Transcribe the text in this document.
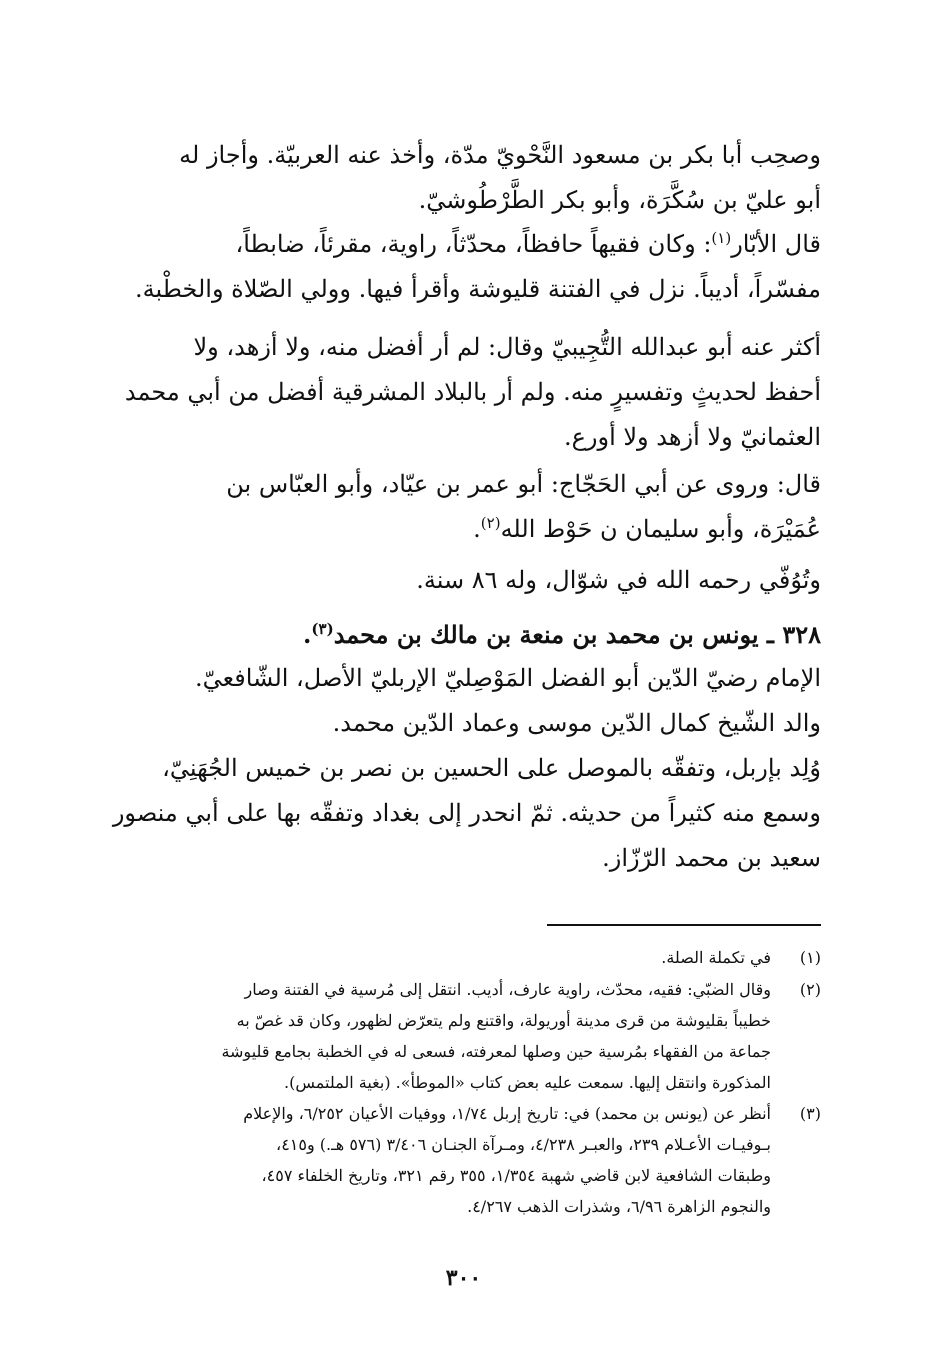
وصحِب أبا بكر بن مسعود النَّحْويّ مدّة، وأخذ عنه العربيّة. وأجاز له
أبو عليّ بن سُكَّرَة، وأبو بكر الطَّرْطُوشيّ.
قال الأبّار$^{(١)}$: وكان فقيهاً حافظاً، محدّثاً، راوية، مقرئاً، ضابطاً،
مفسّراً، أديباً. نزل في الفتنة قليوشة وأقرأ فيها. وولي الصّلاة والخطْبة.
أكثر عنه أبو عبدالله التُّجِيبيّ وقال: لم أر أفضل منه، ولا أزهد، ولا
أحفظ لحديثٍ وتفسيرٍ منه. ولم أر بالبلاد المشرقية أفضل من أبي محمد
العثمانيّ ولا أزهد ولا أورع.
قال: وروى عن أبي الحَجّاج: أبو عمر بن عيّاد، وأبو العبّاس بن
عُمَيْرَة، وأبو سليمان ن حَوْط الله$^{(٢)}$.
وتُوُفّي رحمه الله في شوّال، وله ٨٦ سنة.
٣٢٨ ـ يونس بن محمد بن منعة بن مالك بن محمد$^{(٣)}$.
الإمام رضيّ الدّين أبو الفضل المَوْصِليّ الإربليّ الأصل، الشّافعيّ.
والد الشّيخ كمال الدّين موسى وعماد الدّين محمد.
وُلِد بإربل، وتفقّه بالموصل على الحسين بن نصر بن خميس الجُهَنِيّ،
وسمع منه كثيراً من حديثه. ثمّ انحدر إلى بغداد وتفقّه بها على أبي منصور
سعيد بن محمد الرّزّاز.
(١)
في تكملة الصلة.
(٢)
وقال الضبّي: فقيه، محدّث، راوية عارف، أديب. انتقل إلى مُرسية في الفتنة وصار
خطيباً بقليوشة من قرى مدينة أوريولة، واقتنع ولم يتعرّض لظهور، وكان قد غصّ به
جماعة من الفقهاء بمُرسية حين وصلها لمعرفته، فسعى له في الخطبة بجامع قليوشة
المذكورة وانتقل إليها. سمعت عليه بعض كتاب «الموطأ». (بغية الملتمس).
(٣)
أنظر عن (يونس بن محمد) في: تاريخ إربل ١/٧٤، ووفيات الأعيان ٦/٢٥٢، والإعلام
بـوفيـات الأعـلام ٢٣٩، والعبـر ٤/٢٣٨، ومـرآة الجنـان ٣/٤٠٦ (٥٧٦ هـ.) و٤١٥،
وطبقات الشافعية لابن قاضي شهبة ١/٣٥٤، ٣٥٥ رقم ٣٢١، وتاريخ الخلفاء ٤٥٧،
والنجوم الزاهرة ٦/٩٦، وشذرات الذهب ٤/٢٦٧.
٣٠٠
